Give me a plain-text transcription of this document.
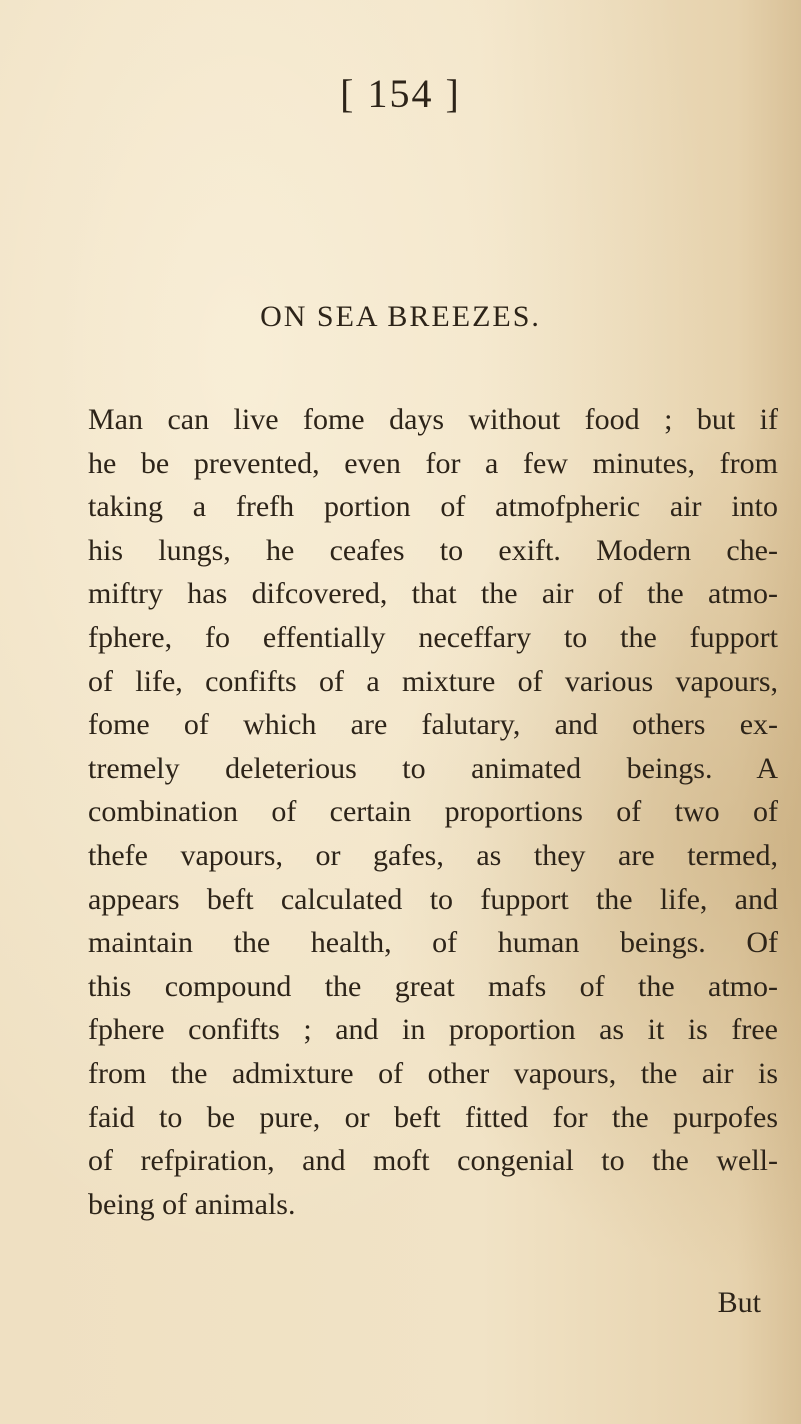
[ 154 ]
ON SEA BREEZES.
Man can live fome days without food ; but if
he be prevented, even for a few minutes, from
taking a frefh portion of atmofpheric air into
his lungs, he ceafes to exift. Modern che-
miftry has difcovered, that the air of the atmo-
fphere, fo effentially neceffary to the fupport
of life, confifts of a mixture of various vapours,
fome of which are falutary, and others ex-
tremely deleterious to animated beings. A
combination of certain proportions of two of
thefe vapours, or gafes, as they are termed,
appears beft calculated to fupport the life, and
maintain the health, of human beings. Of
this compound the great mafs of the atmo-
fphere confifts ; and in proportion as it is free
from the admixture of other vapours, the air is
faid to be pure, or beft fitted for the purpofes
of refpiration, and moft congenial to the well-
being of animals.
But
